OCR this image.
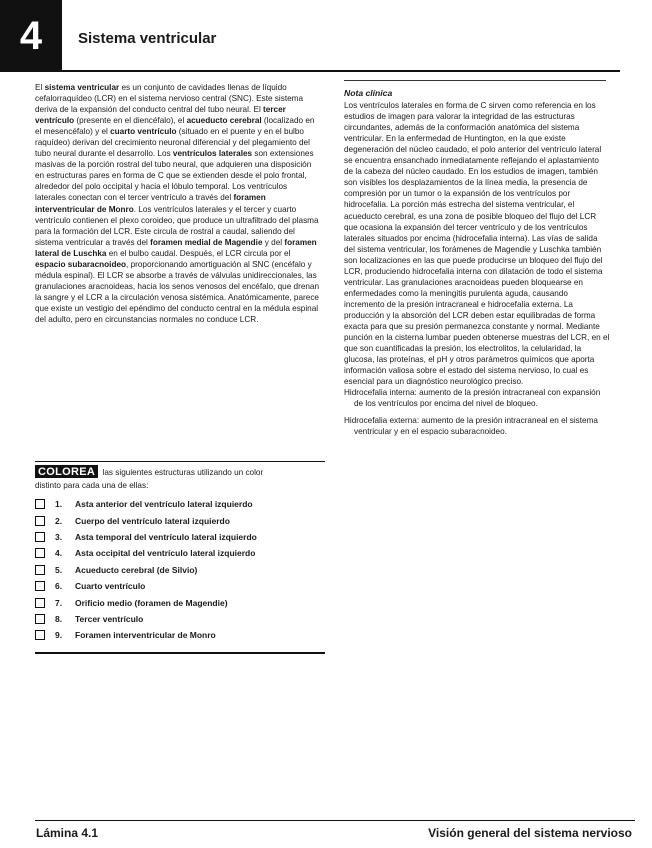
4	Sistema ventricular

El sistema ventricular es un conjunto de cavidades llenas de líquido cefalorraquídeo (LCR) en el sistema nervioso central (SNC). Este sistema deriva de la expansión del conducto central del tubo neural. El tercer ventrículo (presente en el diencéfalo), el acueducto cerebral (localizado en el mesencéfalo) y el cuarto ventrículo (situado en el puente y en el bulbo raquídeo) derivan del crecimiento neuronal diferencial y del plegamiento del tubo neural durante el desarrollo. Los ventrículos laterales son extensiones masivas de la porción rostral del tubo neural, que adquieren una disposición en estructuras pares en forma de C que se extienden desde el polo frontal, alrededor del polo occipital y hacia el lóbulo temporal. Los ventrículos laterales conectan con el tercer ventrículo a través del foramen interventricular de Monro. Los ventrículos laterales y el tercer y cuarto ventrículo contienen el plexo coroideo, que produce un ultrafiltrado del plasma para la formación del LCR. Este circula de rostral a caudal, saliendo del sistema ventricular a través del foramen medial de Magendie y del foramen lateral de Luschka en el bulbo caudal. Después, el LCR circula por el espacio subaracnoideo, proporcionando amortiguación al SNC (encéfalo y médula espinal). El LCR se absorbe a través de válvulas unidireccionales, las granulaciones aracnoideas, hacia los senos venosos del encéfalo, que drenan la sangre y el LCR a la circulación venosa sistémica. Anatómicamente, parece que existe un vestigio del epéndimo del conducto central en la médula espinal del adulto, pero en circunstancias normales no conduce LCR.

Nota clínica

Los ventrículos laterales en forma de C sirven como referencia en los estudios de imagen para valorar la integridad de las estructuras circundantes, además de la conformación anatómica del sistema ventricular. En la enfermedad de Huntington, en la que existe degeneración del núcleo caudado, el polo anterior del ventrículo lateral se encuentra ensanchado inmediatamente reflejando el aplastamiento de la cabeza del núcleo caudado. En los estudios de imagen, también son visibles los desplazamientos de la línea media, la presencia de compresión por un tumor o la expansión de los ventrículos por hidrocefalia. La porción más estrecha del sistema ventricular, el acueducto cerebral, es una zona de posible bloqueo del flujo del LCR que ocasiona la expansión del tercer ventrículo y de los ventrículos laterales situados por encima (hidrocefalia interna). Las vías de salida del sistema ventricular, los forámenes de Magendie y Luschka también son localizaciones en las que puede producirse un bloqueo del flujo del LCR, produciendo hidrocefalia interna con dilatación de todo el sistema ventricular. Las granulaciones aracnoideas pueden bloquearse en enfermedades como la meningitis purulenta aguda, causando incremento de la presión intracraneal e hidrocefalia externa. La producción y la absorción del LCR deben estar equilibradas de forma exacta para que su presión permanezca constante y normal. Mediante punción en la cisterna lumbar pueden obtenerse muestras del LCR, en el que son cuantificadas la presión, los electrolitos, la celularidad, la glucosa, las proteínas, el pH y otros parámetros químicos que aporta información valiosa sobre el estado del sistema nervioso, lo cual es esencial para un diagnóstico neurológico preciso.

Hidrocefalia interna: aumento de la presión intracraneal con expansión de los ventrículos por encima del nivel de bloqueo.

Hidrocefalia externa: aumento de la presión intracraneal en el sistema ventricular y en el espacio subaracnoideo.

COLOREA las siguientes estructuras utilizando un color
distinto para cada una de ellas:
1.	Asta anterior del ventrículo lateral izquierdo
2.	Cuerpo del ventrículo lateral izquierdo
3.	Asta temporal del ventrículo lateral izquierdo
4.	Asta occipital del ventrículo lateral izquierdo
5.	Acueducto cerebral (de Silvio)
6.	Cuarto ventrículo
7.	Orificio medio (foramen de Magendie)
8.	Tercer ventrículo
9.	Foramen interventricular de Monro
Lámina 4.1	Visión general del sistema nervioso
